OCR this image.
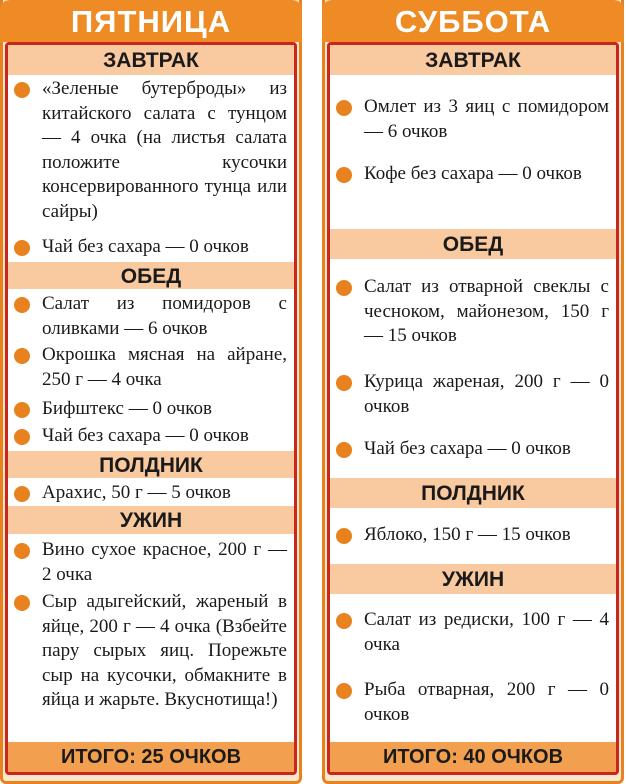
ПЯТНИЦА
ЗАВТРАК
«Зеленые бутерброды» из китайского салата с тунцом — 4 очка (на листья салата положите кусочки консервированного тунца или сайры)
Чай без сахара — 0 очков
ОБЕД
Салат из помидоров с оливками — 6 очков
Окрошка мясная на айране, 250 г — 4 очка
Бифштекс — 0 очков
Чай без сахара — 0 очков
ПОЛДНИК
Арахис, 50 г — 5 очков
УЖИН
Вино сухое красное, 200 г — 2 очка
Сыр адыгейский, жареный в яйце, 200 г — 4 очка (Взбейте пару сырых яиц. Порежьте сыр на кусочки, обмакните в яйца и жарьте. Вкуснотища!)
ИТОГО: 25 ОЧКОВ
СУББОТА
ЗАВТРАК
Омлет из 3 яиц с помидором — 6 очков
Кофе без сахара — 0 очков
ОБЕД
Салат из отварной свеклы с чесноком, майонезом, 150 г — 15 очков
Курица жареная, 200 г — 0 очков
Чай без сахара — 0 очков
ПОЛДНИК
Яблоко, 150 г — 15 очков
УЖИН
Салат из редиски, 100 г — 4 очка
Рыба отварная, 200 г — 0 очков
ИТОГО: 40 ОЧКОВ
